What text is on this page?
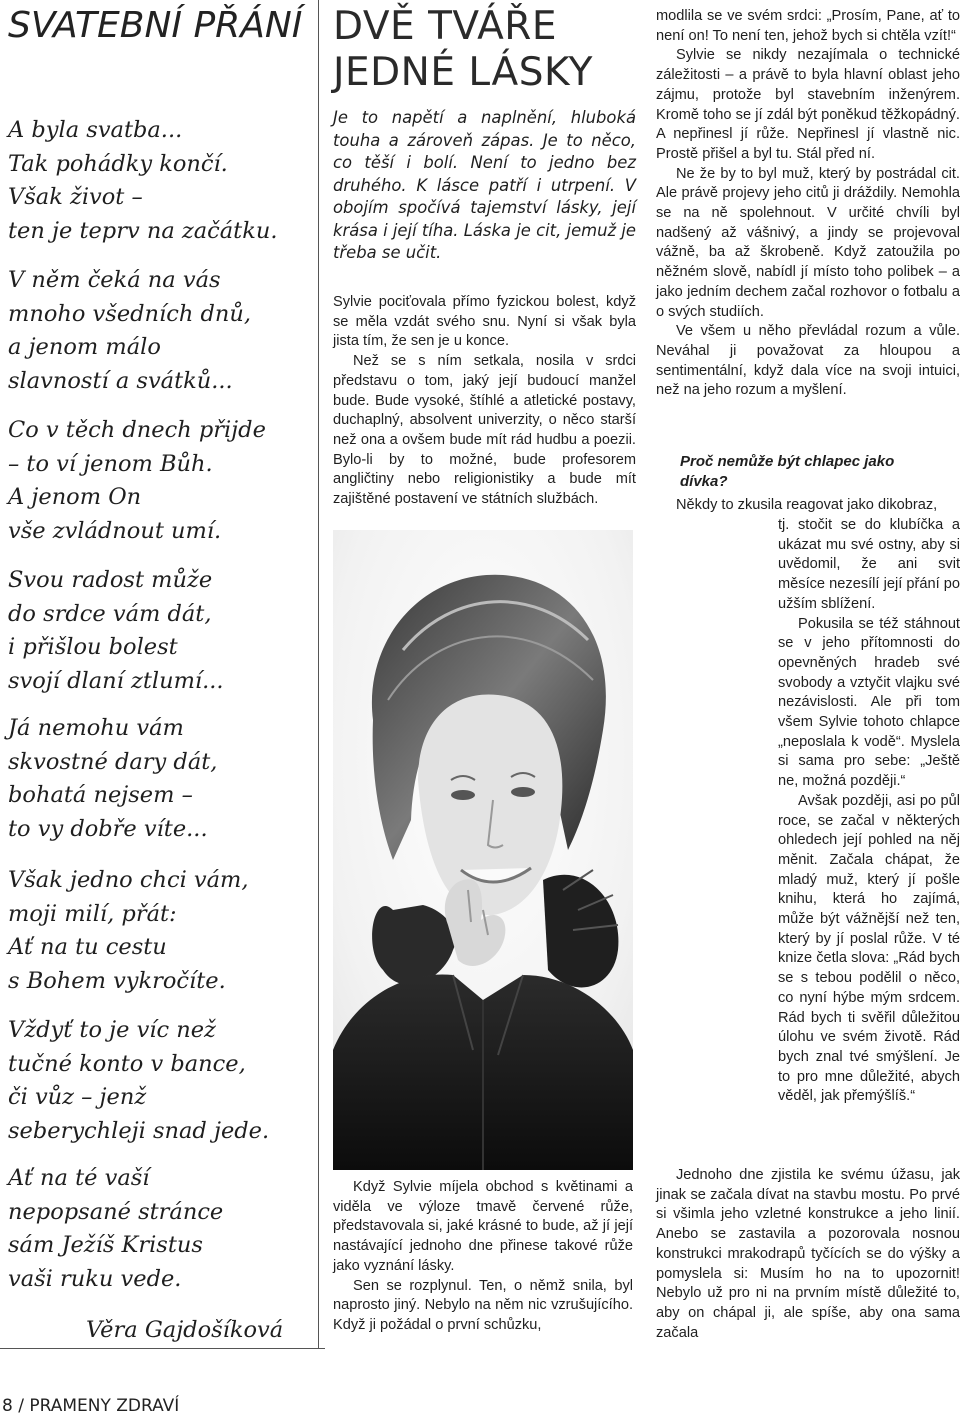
SVATEBNÍ PŘÁNÍ

A byla svatba...
Tak pohádky končí.
Však život –
ten je teprv na začátku.

V něm čeká na vás
mnoho všedních dnů,
a jenom málo
slavností a svátků...

Co v těch dnech přijde
– to ví jenom Bůh.
A jenom On
vše zvládnout umí.

Svou radost může
do srdce vám dát,
i přišlou bolest
svojí dlaní ztlumí...

Já nemohu vám
skvostné dary dát,
bohatá nejsem –
to vy dobře víte...

Však jedno chci vám,
moji milí, přát:
Ať na tu cestu
s Bohem vykročíte.

Vždyť to je víc než
tučné konto v bance,
či vůz – jenž
seberychleji snad jede.

Ať na té vaší
nepopsané stránce
sám Ježíš Kristus
vaši ruku vede.

Věra Gajdošíková

8 / PRAMENY ZDRAVÍ

DVĚ TVÁŘE JEDNÉ LÁSKY

Je to napětí a naplnění, hluboká touha a zároveň zápas. Je to něco, co těší i bolí. Není to jedno bez druhého. K lásce patří i utrpení. V obojím spočívá tajemství lásky, její krása i její tíha. Láska je cit, jemuž je třeba se učit.

Sylvie pociťovala přímo fyzickou bolest, když se měla vzdát svého snu. Nyní si však byla jista tím, že sen je u konce.

Než se s ním setkala, nosila v srdci představu o tom, jaký její budoucí manžel bude. Bude vysoké, štíhlé a atletické postavy, duchaplný, absolvent univerzity, o něco starší než ona a ovšem bude mít rád hudbu a poezii. Bylo-li by to možné, bude profesorem angličtiny nebo religionistiky a bude mít zajištěné postavení ve státních službách.

Když Sylvie míjela obchod s květinami a viděla ve výloze tmavě červené růže, představovala si, jaké krásné to bude, až jí její nastávající jednoho dne přinese takové růže jako vyznání lásky.

Sen se rozplynul. Ten, o němž snila, byl naprosto jiný. Nebylo na něm nic vzrušujícího. Když ji požádal o první schůzku,

modlila se ve svém srdci: „Prosím, Pane, ať to není on! To není ten, jehož bych si chtěla vzít!“

Sylvie se nikdy nezajímala o technické záležitosti – a právě to byla hlavní oblast jeho zájmu, protože byl stavebním inženýrem. Kromě toho se jí zdál být poněkud těžkopádný. A nepřinesl jí růže. Nepřinesl jí vlastně nic. Prostě přišel a byl tu. Stál před ní.

Ne že by to byl muž, který by postrádal cit. Ale právě projevy jeho citů ji dráždily. Nemohla se na ně spolehnout. V určité chvíli byl nadšený až vášnivý, a jindy se projevoval vážně, ba až škrobeně. Když zatoužila po něžném slově, nabídl jí místo toho polibek – a jako jedním dechem začal rozhovor o fotbalu a o svých studiích.

Ve všem u něho převládal rozum a vůle. Neváhal ji považovat za hloupou a sentimentální, když dala více na svoji intuici, než na jeho rozum a myšlení.

Proč nemůže být chlapec jako dívka?

Někdy to zkusila reagovat jako dikobraz,

tj. stočit se do klubíčka a ukázat mu své ostny, aby si uvědomil, že ani svit měsíce nezesílí její přání po užším sblížení.

Pokusila se též stáhnout se v jeho přítomnosti do opevněných hradeb své svobody a vztyčit vlajku své nezávislosti. Ale při tom všem Sylvie tohoto chlapce „neposlala k vodě“. Myslela si sama pro sebe: „Ještě ne, možná později.“

Avšak později, asi po půl roce, se začal v některých ohledech její pohled na něj měnit. Začala chápat, že mladý muž, který jí pošle knihu, která ho zajímá, může být vážnější než ten, který by jí poslal růže. V té knize četla slova: „Rád bych se s tebou podělil o něco, co nyní hýbe mým srdcem. Rád bych ti svěřil důležitou úlohu ve svém životě. Rád bych znal tvé smýšlení. Je to pro mne důležité, abych věděl, jak přemýšlíš.“

Jednoho dne zjistila ke svému úžasu, jak jinak se začala dívat na stavbu mostu. Po prvé si všimla jeho vzletné konstrukce a jeho linií. Anebo se zastavila a pozorovala nosnou konstrukci mrakodrapů tyčících se do výšky a pomyslela si: Musím ho na to upozornit! Nebylo už pro ni na prvním místě důležité to, aby on chápal ji, ale spíše, aby ona sama začala
